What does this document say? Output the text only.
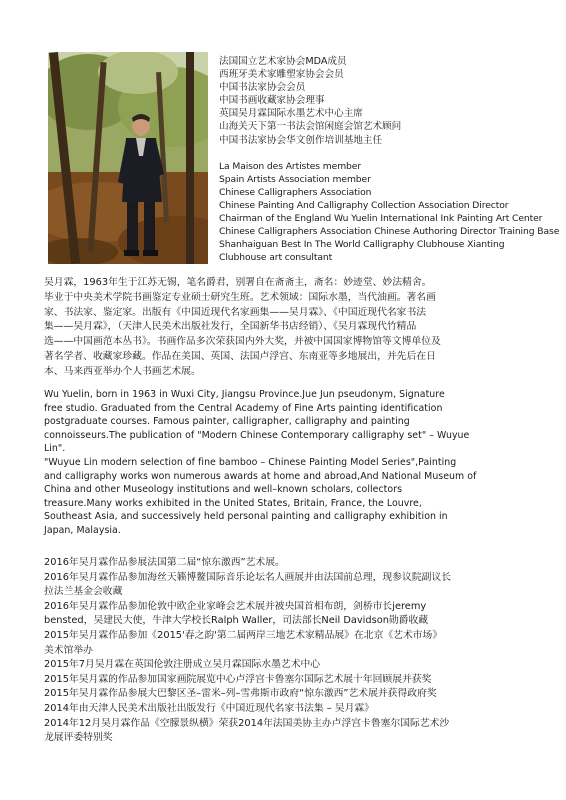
法国国立艺术家协会MDA成员
西班牙美术家雕塑家协会会员
中国书法家协会会员
中国书画收藏家协会理事
英国吴月霖国际水墨艺术中心主席
山海关天下第一书法会馆闲庭会馆艺术顾问
中国书法家协会华文创作培训基地主任
La Maison des Artistes member
Spain Artists Association member
Chinese Calligraphers Association
Chinese Painting And Calligraphy Collection Association Director
Chairman of the England Wu Yuelin International Ink Painting Art Center
Chinese Calligraphers Association Chinese Authoring Director Training Base
Shanhaiguan Best In The World Calligraphy Clubhouse Xianting
Clubhouse art consultant
吴月霖，1963年生于江苏无锡，笔名爵君，别署自在斋斋主，斋名：妙迹堂、妙法精舍。
毕业于中央美术学院书画鉴定专业硕士研究生班。艺术领域：国际水墨，当代油画。著名画
家、书法家、鉴定家。出版有《中国近现代名家画集——吴月霖》、《中国近现代名家书法
集——吴月霖》，（天津人民美术出版社发行，全国新华书店经销）、《吴月霖现代竹精品
选——中国画范本丛书》。书画作品多次荣获国内外大奖，并被中国国家博物馆等文博单位及
著名学者、收藏家珍藏。作品在美国、英国、法国卢浮宫、东南亚等多地展出，并先后在日
本、马来西亚举办个人书画艺术展。
Wu Yuelin, born in 1963 in Wuxi City, Jiangsu Province.Jue Jun pseudonym, Signature
free studio. Graduated from the Central Academy of Fine Arts painting identification
postgraduate courses. Famous painter, calligrapher, calligraphy and painting
connoisseurs.The publication of "Modern Chinese Contemporary calligraphy set" – Wuyue
Lin".
"Wuyue Lin modern selection of fine bamboo – Chinese Painting Model Series",Painting
and calligraphy works won numerous awards at home and abroad,And National Museum of
China and other Museology institutions and well–known scholars, collectors
treasure.Many works exhibited in the United States, Britain, France, the Louvre,
Southeast Asia, and successively held personal painting and calligraphy exhibition in
Japan, Malaysia.
2016年吴月霖作品参展法国第二届“惊东激西”艺术展。
2016年吴月霖作品参加海丝天籁博鳌国际音乐论坛名人画展并由法国前总理，现参议院副议长
拉法兰基金会收藏
2016年吴月霖作品参加伦敦中欧企业家峰会艺术展并被央国首相布朗，剑桥市长jeremy
bensted，吴建民大使，牛津大学校长Ralph Waller，司法部长Neil Davidson勋爵收藏
2015年吴月霖作品参加《2015'春之韵'第二届两岸三地艺术家精品展》在北京《艺术市场》
美术馆举办
2015年7月吴月霖在英国伦敦注册成立吴月霖国际水墨艺术中心
2015年吴月霖的作品参加国家画院展览中心卢浮宫卡鲁塞尔国际艺术展十年回顾展并获奖
2015年吴月霖作品参展大巴黎区圣–雷米–列–雪弗斯市政府“惊东激西”艺术展并获得政府奖
2014年由天津人民美术出版社出版发行《中国近现代名家书法集 – 吴月霖》
2014年12月吴月霖作品《空朦景纵横》荣获2014年法国美协主办卢浮宫卡鲁塞尔国际艺术沙
龙展评委特别奖
